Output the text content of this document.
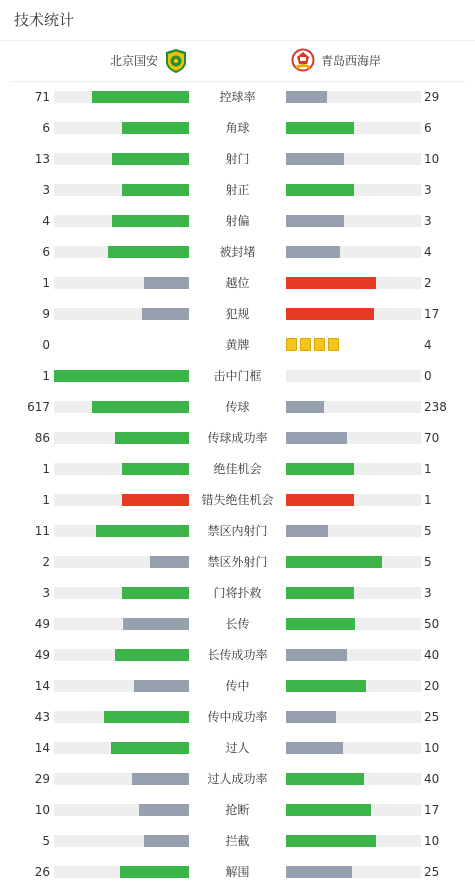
技术统计
北京国安	青岛西海岸
71	控球率	29
6	角球	6
13	射门	10
3	射正	3
4	射偏	3
6	被封堵	4
1	越位	2
9	犯规	17
0	黄牌	4
1	击中门框	0
617	传球	238
86	传球成功率	70
1	绝佳机会	1
1	错失绝佳机会	1
11	禁区内射门	5
2	禁区外射门	5
3	门将扑救	3
49	长传	50
49	长传成功率	40
14	传中	20
43	传中成功率	25
14	过人	10
29	过人成功率	40
10	抢断	17
5	拦截	10
26	解围	25
